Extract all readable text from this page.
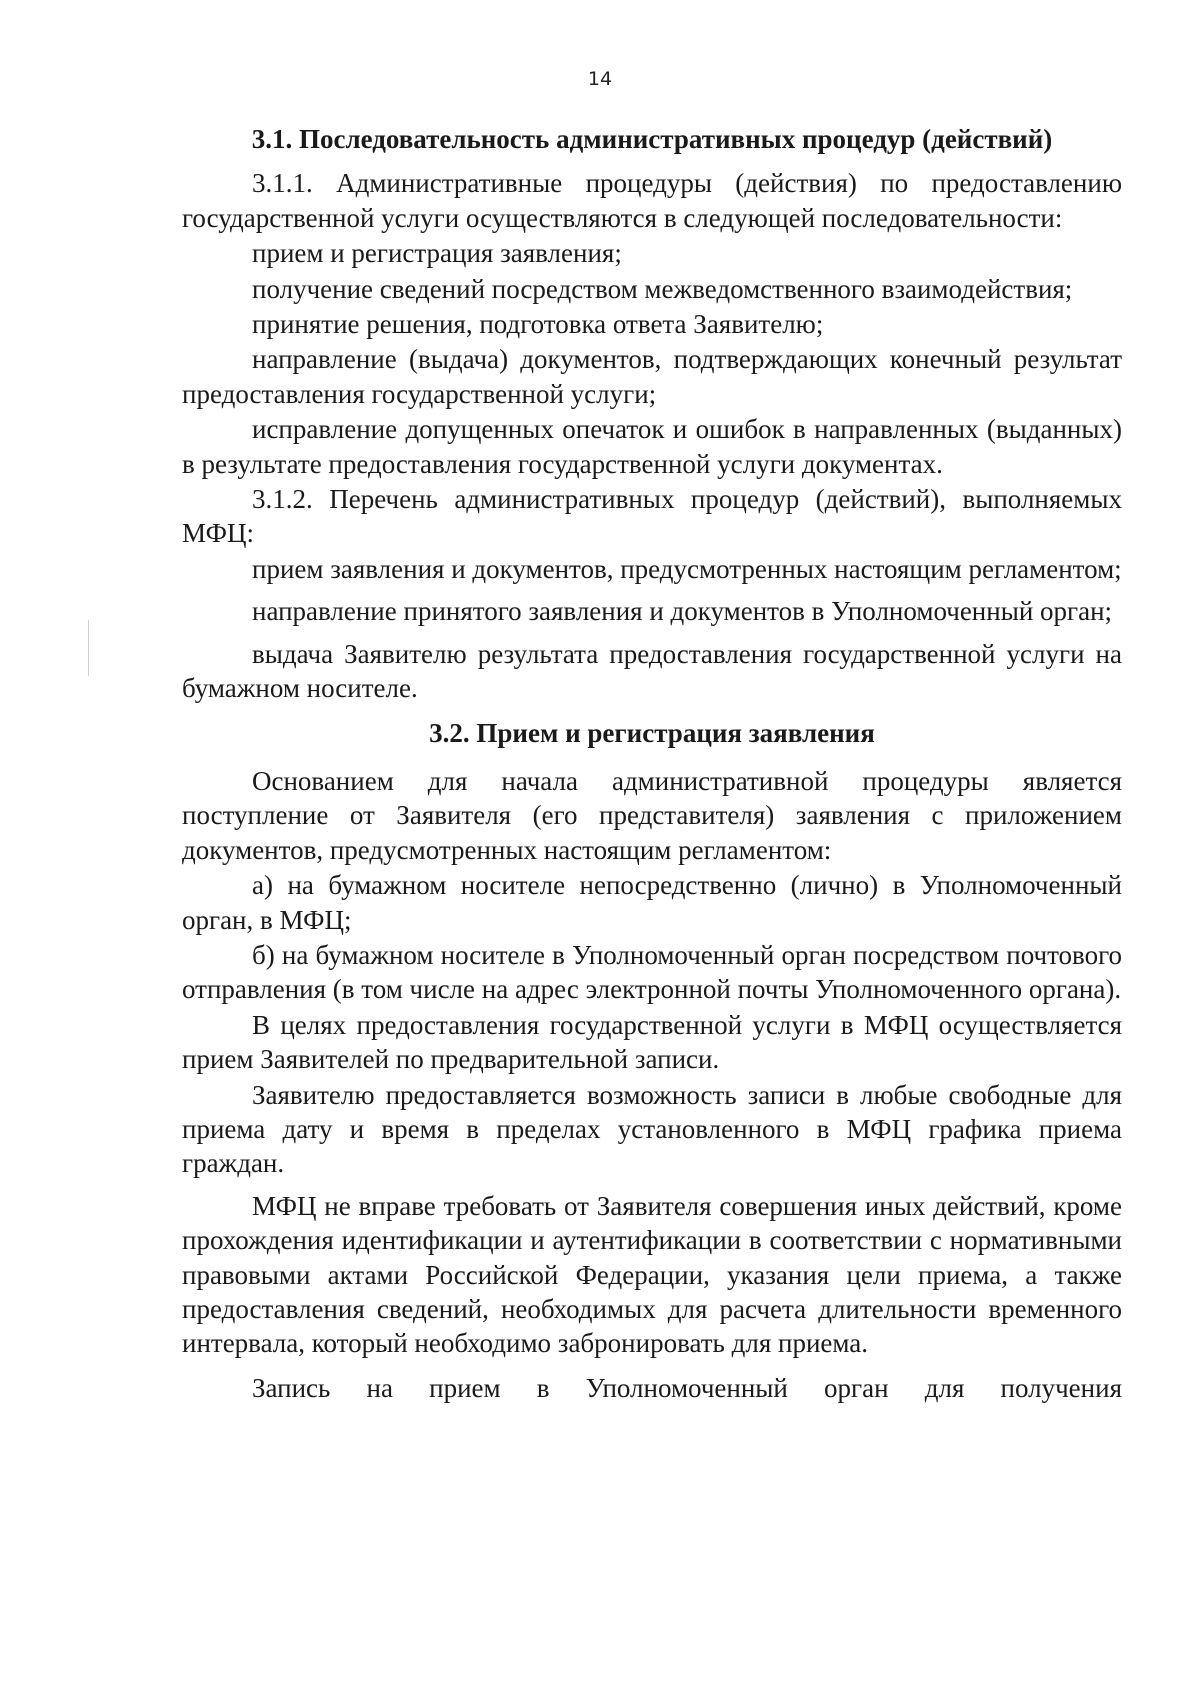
14
3.1. Последовательность административных процедур (действий)

3.1.1. Административные процедуры (действия) по предоставлению государственной услуги осуществляются в следующей последовательности:

прием и регистрация заявления;

получение сведений посредством межведомственного взаимодействия;

принятие решения, подготовка ответа Заявителю;

направление (выдача) документов, подтверждающих конечный результат предоставления государственной услуги;

исправление допущенных опечаток и ошибок в направленных (выданных) в результате предоставления государственной услуги документах.

3.1.2. Перечень административных процедур (действий), выполняемых МФЦ:

прием заявления и документов, предусмотренных настоящим регламентом;

направление принятого заявления и документов в Уполномоченный орган;

выдача Заявителю результата предоставления государственной услуги на бумажном носителе.

3.2. Прием и регистрация заявления

Основанием для начала административной процедуры является поступление от Заявителя (его представителя) заявления с приложением документов, предусмотренных настоящим регламентом:

а) на бумажном носителе непосредственно (лично) в Уполномоченный орган, в МФЦ;

б) на бумажном носителе в Уполномоченный орган посредством почтового отправления (в том числе на адрес электронной почты Уполномоченного органа).

В целях предоставления государственной услуги в МФЦ осуществляется прием Заявителей по предварительной записи.

Заявителю предоставляется возможность записи в любые свободные для приема дату и время в пределах установленного в МФЦ графика приема граждан.

МФЦ не вправе требовать от Заявителя совершения иных действий, кроме прохождения идентификации и аутентификации в соответствии с нормативными правовыми актами Российской Федерации, указания цели приема, а также предоставления сведений, необходимых для расчета длительности временного интервала, который необходимо забронировать для приема.

Запись на прием в Уполномоченный орган для получения
